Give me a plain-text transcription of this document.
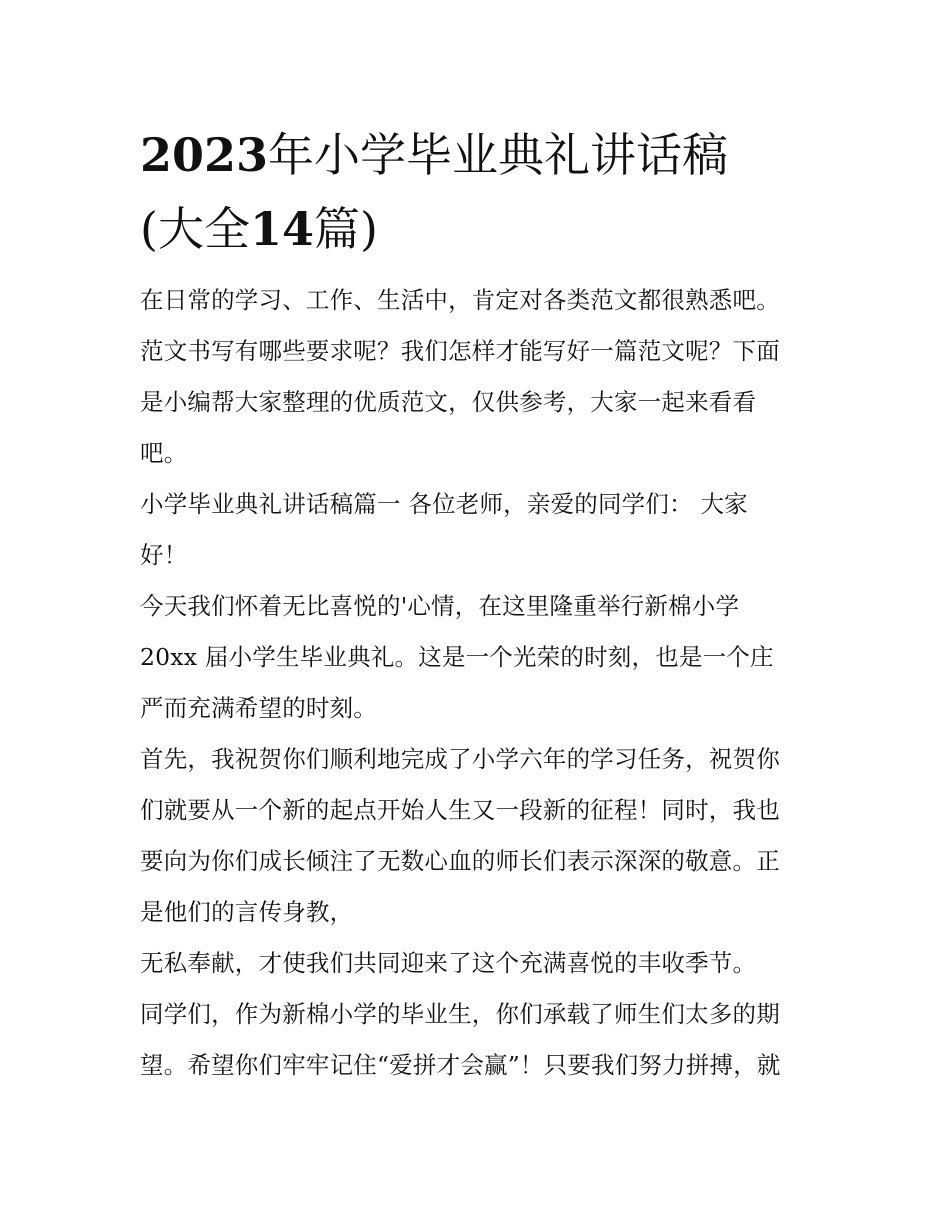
2023年小学毕业典礼讲话稿
(大全14篇)
在日常的学习、工作、生活中，肯定对各类范文都很熟悉吧。
范文书写有哪些要求呢？我们怎样才能写好一篇范文呢？下面
是小编帮大家整理的优质范文，仅供参考，大家一起来看看
吧。
小学毕业典礼讲话稿篇一 各位老师，亲爱的同学们： 大家
好！
今天我们怀着无比喜悦的'心情，在这里隆重举行新棉小学
20xx 届小学生毕业典礼。这是一个光荣的时刻，也是一个庄
严而充满希望的时刻。
首先，我祝贺你们顺利地完成了小学六年的学习任务，祝贺你
们就要从一个新的起点开始人生又一段新的征程！同时，我也
要向为你们成长倾注了无数心血的师长们表示深深的敬意。正
是他们的言传身教，
无私奉献，才使我们共同迎来了这个充满喜悦的丰收季节。
同学们，作为新棉小学的毕业生，你们承载了师生们太多的期
望。希望你们牢牢记住“爱拼才会赢”！只要我们努力拼搏，就
